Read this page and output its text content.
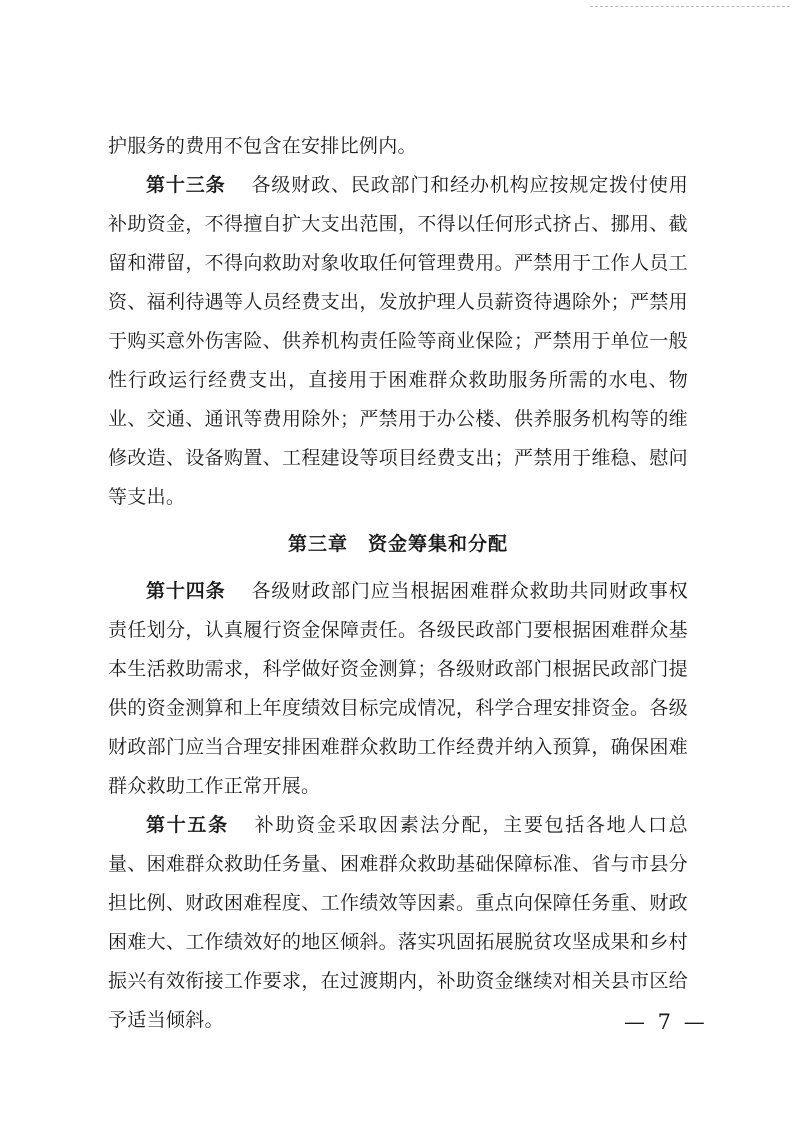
护服务的费用不包含在安排比例内。

第十三条 各级财政、民政部门和经办机构应按规定拨付使用补助资金，不得擅自扩大支出范围，不得以任何形式挤占、挪用、截留和滞留，不得向救助对象收取任何管理费用。严禁用于工作人员工资、福利待遇等人员经费支出，发放护理人员薪资待遇除外；严禁用于购买意外伤害险、供养机构责任险等商业保险；严禁用于单位一般性行政运行经费支出，直接用于困难群众救助服务所需的水电、物业、交通、通讯等费用除外；严禁用于办公楼、供养服务机构等的维修改造、设备购置、工程建设等项目经费支出；严禁用于维稳、慰问等支出。

第三章 资金筹集和分配

第十四条 各级财政部门应当根据困难群众救助共同财政事权责任划分，认真履行资金保障责任。各级民政部门要根据困难群众基本生活救助需求，科学做好资金测算；各级财政部门根据民政部门提供的资金测算和上年度绩效目标完成情况，科学合理安排资金。各级财政部门应当合理安排困难群众救助工作经费并纳入预算，确保困难群众救助工作正常开展。

第十五条 补助资金采取因素法分配，主要包括各地人口总量、困难群众救助任务量、困难群众救助基础保障标准、省与市县分担比例、财政困难程度、工作绩效等因素。重点向保障任务重、财政困难大、工作绩效好的地区倾斜。落实巩固拓展脱贫攻坚成果和乡村振兴有效衔接工作要求，在过渡期内，补助资金继续对相关县市区给予适当倾斜。	— 7 —
